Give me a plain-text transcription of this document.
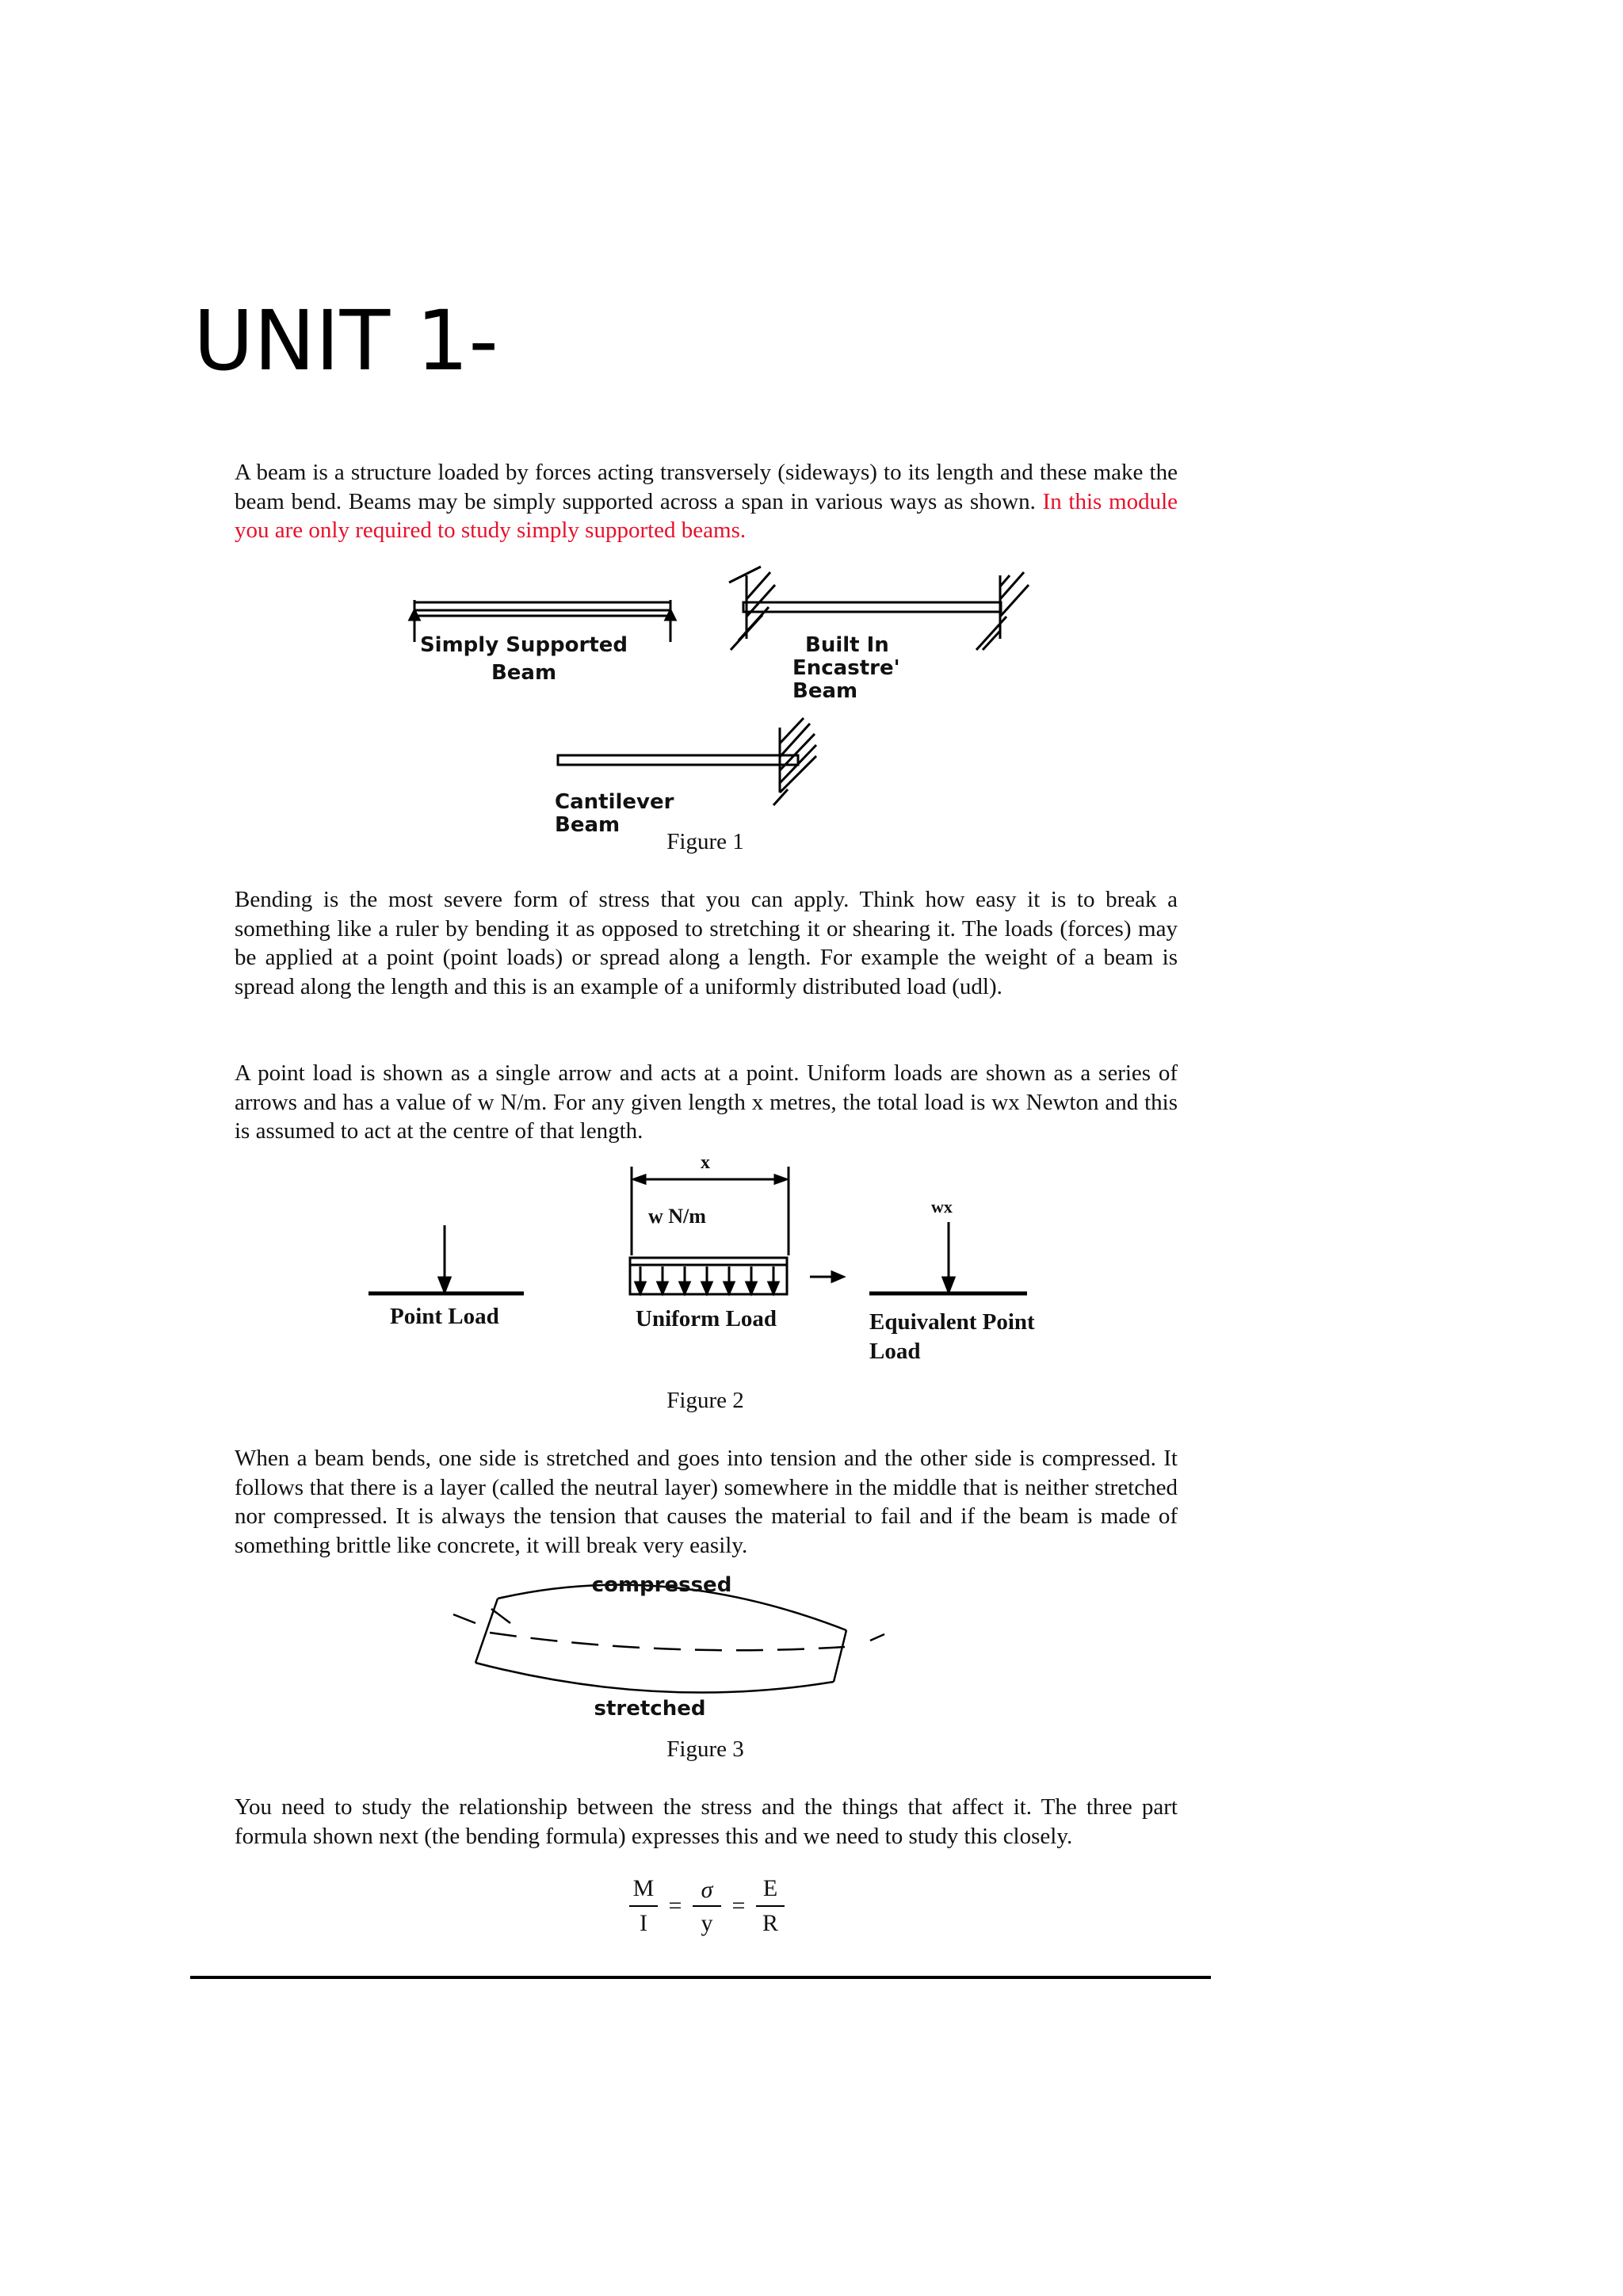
UNIT 1-
A beam is a structure loaded by forces acting transversely (sideways) to its length and these make the beam bend. Beams may be simply supported across a span in various ways as shown. In this module you are only required to study simply supported beams.
Simply Supported
Beam
Built In
Encastre' Beam
Cantilever Beam
Figure 1
Bending is the most severe form of stress that you can apply. Think how easy it is to break a something like a ruler by bending it as opposed to stretching it or shearing it. The loads (forces) may be applied at a point (point loads) or spread along a length. For example the weight of a beam is spread along the length and this is an example of a uniformly distributed load (udl).
A point load is shown as a single arrow and acts at a point. Uniform loads are shown as a series of arrows and has a value of w N/m. For any given length x metres, the total load is wx Newton and this is assumed to act at the centre of that length.
x
w N/m	wx
Point Load	Uniform Load	Equivalent Point
Load
Figure 2
When a beam bends, one side is stretched and goes into tension and the other side is compressed. It follows that there is a layer (called the neutral layer) somewhere in the middle that is neither stretched nor compressed. It is always the tension that causes the material to fail and if the beam is made of something brittle like concrete, it will break very easily.
compressed
stretched
Figure 3
You need to study the relationship between the stress and the things that affect it. The three part formula shown next (the bending formula) expresses this and we need to study this closely.
M
I
=
σ
y
=
E
R
